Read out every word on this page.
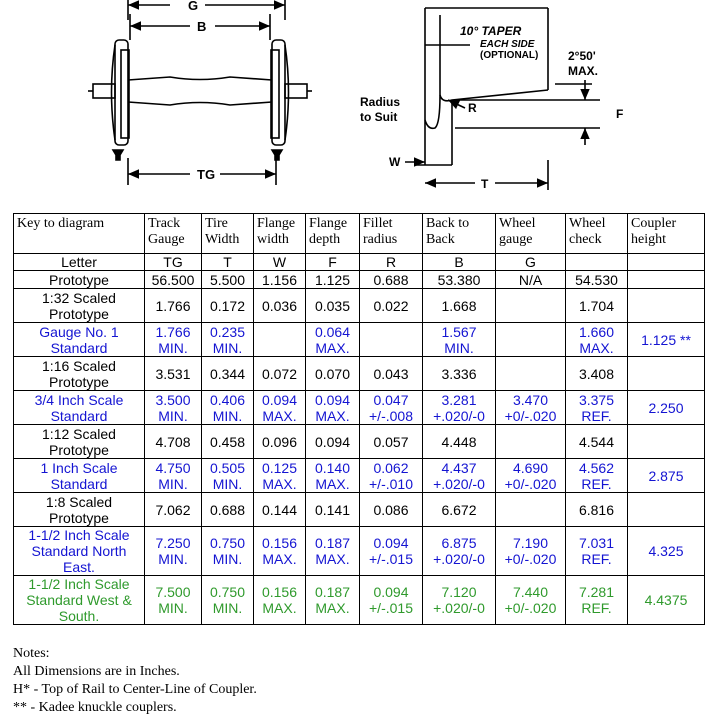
G
B
TG
10° TAPER
EACH SIDE
(OPTIONAL) 2°50'
MAX.
Radius
to Suit
R	F
W
T
Key to diagram	Track Gauge	Tire Width	Flange width	Flange depth	Fillet radius	Back to Back	Wheel gauge	Wheel check	Coupler height
Letter	TG	T	W	F	R	B	G		
Prototype	56.500	5.500	1.156	1.125	0.688	53.380	N/A	54.530	
1:32 Scaled Prototype	1.766	0.172	0.036	0.035	0.022	1.668		1.704	
Gauge No. 1 Standard	1.766 MIN.	0.235 MIN.		0.064 MAX.		1.567 MIN.		1.660 MAX.	1.125 **
1:16 Scaled Prototype	3.531	0.344	0.072	0.070	0.043	3.336		3.408	
3/4 Inch Scale Standard	3.500 MIN.	0.406 MIN.	0.094 MAX.	0.094 MAX.	0.047 +/-.008	3.281 +.020/-0	3.470 +0/-.020	3.375 REF.	2.250
1:12 Scaled Prototype	4.708	0.458	0.096	0.094	0.057	4.448		4.544	
1 Inch Scale Standard	4.750 MIN.	0.505 MIN.	0.125 MAX.	0.140 MAX.	0.062 +/-.010	4.437 +.020/-0	4.690 +0/-.020	4.562 REF.	2.875
1:8 Scaled Prototype	7.062	0.688	0.144	0.141	0.086	6.672		6.816	
1-1/2 Inch Scale Standard North East.	7.250 MIN.	0.750 MIN.	0.156 MAX.	0.187 MAX.	0.094 +/-.015	6.875 +.020/-0	7.190 +0/-.020	7.031 REF.	4.325
1-1/2 Inch Scale Standard West & South.	7.500 MIN.	0.750 MIN.	0.156 MAX.	0.187 MAX.	0.094 +/-.015	7.120 +.020/-0	7.440 +0/-.020	7.281 REF.	4.4375
Notes:
All Dimensions are in Inches.
H* - Top of Rail to Center-Line of Coupler.
** - Kadee knuckle couplers.
